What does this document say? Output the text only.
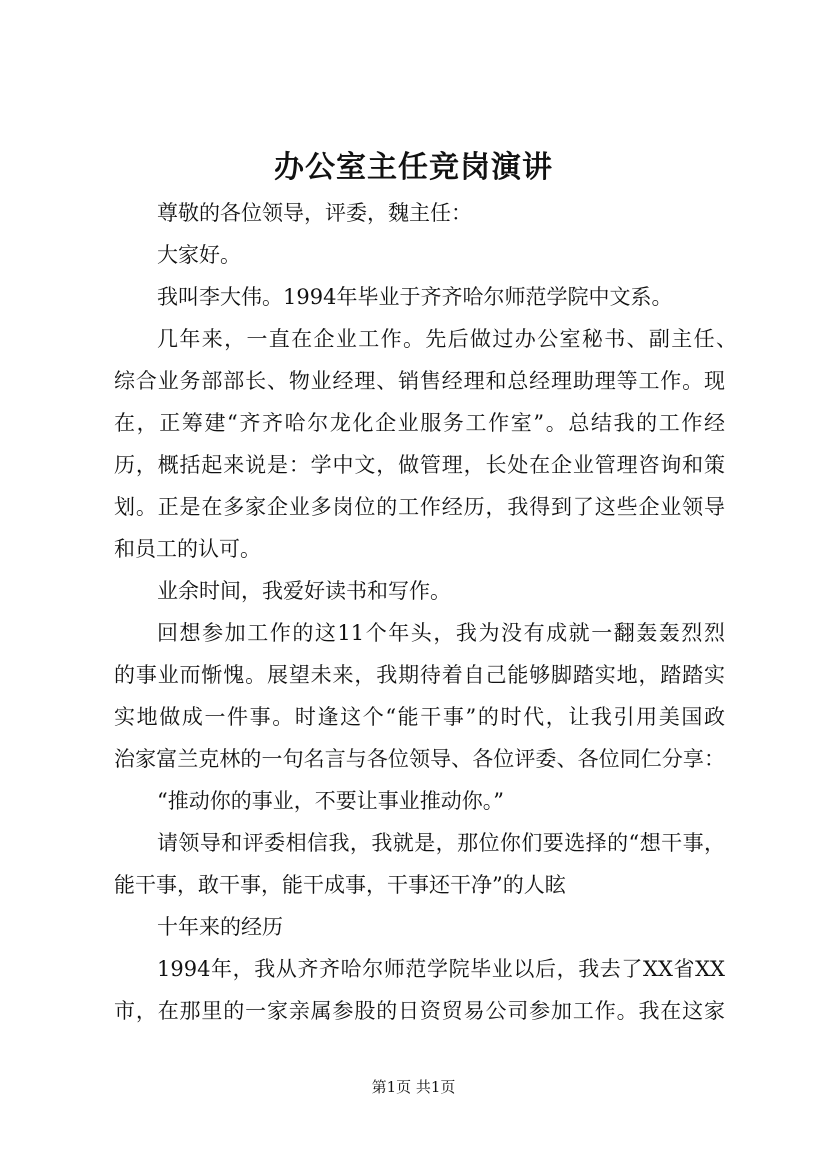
办公室主任竞岗演讲
尊敬的各位领导，评委，魏主任：
大家好。
我叫李大伟。1994年毕业于齐齐哈尔师范学院中文系。
几年来，一直在企业工作。先后做过办公室秘书、副主任、
综合业务部部长、物业经理、销售经理和总经理助理等工作。现
在，正筹建“齐齐哈尔龙化企业服务工作室”。总结我的工作经
历，概括起来说是：学中文，做管理，长处在企业管理咨询和策
划。正是在多家企业多岗位的工作经历，我得到了这些企业领导
和员工的认可。
业余时间，我爱好读书和写作。
回想参加工作的这11个年头，我为没有成就一翻轰轰烈烈
的事业而惭愧。展望未来，我期待着自己能够脚踏实地，踏踏实
实地做成一件事。时逢这个“能干事”的时代，让我引用美国政
治家富兰克林的一句名言与各位领导、各位评委、各位同仁分享：
“推动你的事业，不要让事业推动你。”
请领导和评委相信我，我就是，那位你们要选择的“想干事，
能干事，敢干事，能干成事，干事还干净”的人眩
十年来的经历
1994年，我从齐齐哈尔师范学院毕业以后，我去了XX省XX
市，在那里的一家亲属参股的日资贸易公司参加工作。我在这家
第1页 共1页
